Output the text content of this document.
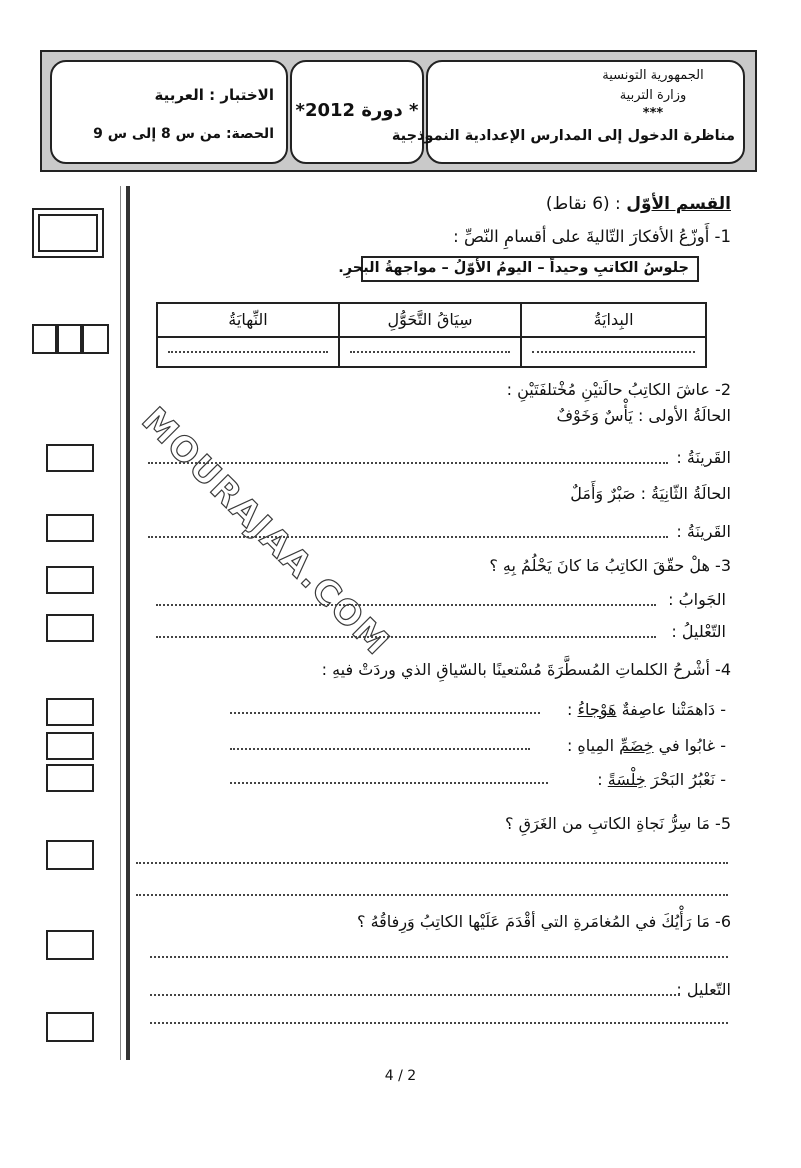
الاختبار : العربية
الحصة: من س 8 إلى س 9
* دورة 2012*
الجمهورية التونسية
وزارة التربية
***
مناظرة الدخول إلى المدارس الإعدادية النموذجية
القسم الأوّل : (6 نقاط)
1- أَوزّعُ الأفكارَ التّاليةَ على أقسامِ النّصِّ :
جلوسُ الكاتبِ وحيداً – اليومُ الأوّلُ – مواجهةُ البحرِ.
البِدايَةُ
سِيَاقُ التَّحَوُّلِ
النِّهايَةُ
2- عاشَ الكاتِبُ حالَتيْنِ مُخْتلفَتَيْنِ :
الحالَةُ الأولى : يَأْسٌ وَخَوْفٌ
القَرينَةُ :
الحالَةُ الثّانِيَةُ : صَبْرٌ وَأَمَلٌ
القَرينَةُ :
3- هلْ حقّقَ الكاتِبُ مَا كانَ يَحْلُمُ بِهِ ؟
الجَوابُ :
التّعْليلُ :
4- أشْرحُ الكلماتِ المُسطَّرَةَ مُسْتعينًا بالسّياقِ الذي وردَتْ فيهِ :
- دَاهمَتْنا عاصِفةٌ هَوْجاءُ :
- غابُوا في خِضَمِّ المِياهِ :
- نَعْبُرُ البَحْرَ خِلْسَةً :
5- مَا سِرُّ نَجاةِ الكاتبِ من الغَرَقِ ؟
6- مَا رَأْيُكَ في المُغامَرةِ التي أقْدَمَ عَلَيْها الكاتِبُ وَرِفاقُهُ ؟
التّعليل :
MOURAJAA.COM
4 / 2
